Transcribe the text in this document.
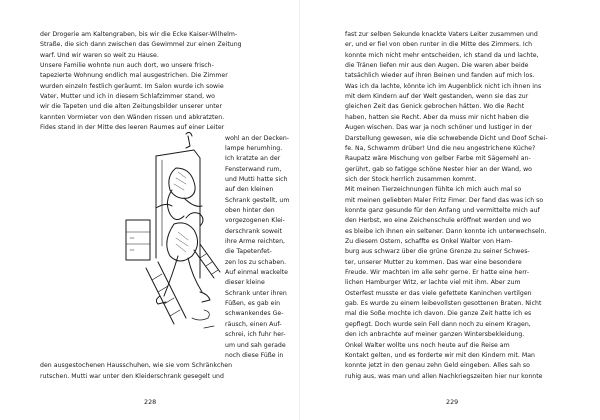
der Drogerie am Kaltengraben, bis wir die Ecke Kaiser-Wilhelm-
Straße, die sich dann zwischen das Gewimmel zur einen Zeitung
warf. Und wir waren so weit zu Hause.
Unsere Familie wohnte nun auch dort, wo unsere frisch-
tapezierte Wohnung endlich mal ausgestrichen. Die Zimmer
wurden einzeln festlich geräumt. Im Salon wurde ich sowie
Vater, Mutter und ich in diesem Schlafzimmer stand, wo
wir die Tapeten und die alten Zeitungsbilder unserer unter
kannten Vormieter von den Wänden rissen und abkratzten.
Fides stand in der Mitte des leeren Raumes auf einer Leiter
wohl an der Decken-
lampe herumhing.
Ich kratzte an der
Fensterwand rum,
und Mutti hatte sich
auf den kleinen
Schrank gestellt, um
oben hinter den
vorgezogenen Klei-
derschrank soweit
ihre Arme reichten,
die Tapetenfet-
zen los zu schaben.
Auf einmal wackelte
dieser kleine
Schrank unter ihren
Füßen, es gab ein
schwankendes Ge-
räusch, einen Auf-
schrei, ich fuhr her-
um und sah gerade
noch diese Füße in
den ausgestochenen Hausschuhen, wie sie vom Schränkchen
rutschen. Mutti war unter den Kleiderschrank gesegelt und
228
fast zur selben Sekunde knackte Vaters Leiter zusammen und
er, und er fiel von oben runter in die Mitte des Zimmers. Ich
konnte mich nicht mehr entscheiden, ich stand da und lachte,
die Tränen liefen mir aus den Augen. Die waren aber beide
tatsächlich wieder auf ihren Beinen und fanden auf mich los.
Was ich da lachte, könnte ich im Augenblick nicht ich ihnen ins
mit dem Kindern auf der Welt gestanden, wenn sie das zur
gleichen Zeit das Genick gebrochen hätten. Wo die Recht
haben, hatten sie Recht. Aber da muss mir nicht haben die
Augen wischen. Das war ja noch schöner und lustiger in der
Darstellung gewesen, wie die schwebende Dicht und Doof Schei-
fe. Na, Schwamm drüber! Und die neu angestrichene Küche?
Raupatz wäre Mischung von gelber Farbe mit Sägemehl an-
gerührt, gab so fatigge schöne Nester hier an der Wand, wo
sich der Stock herrlich zusammen kommt.
Mit meinen Tierzeichnungen fühlte ich mich auch mal so
mit meinen geliebten Maler Fritz Fimer. Der fand das was ich so
konnte ganz gesunde für den Anfang und vermittelte mich auf
den Herbst, wo eine Zeichenschule eröffnet werden und wo
es bleibe ich ihnen ein seltener. Dann konnte ich unterwechseln.
Zu diesem Ostern, schaffte es Onkel Walter von Ham-
burg aus schwarz über die grüne Grenze zu seiner Schwes-
ter, unserer Mutter zu kommen. Das war eine besondere
Freude. Wir machten im alle sehr gerne. Er hatte eine herr-
lichen Hamburger Witz, er lachte viel mit ihm. Aber zum
Osterfest musste er das viele gefettete Kaninchen vertilgen
gab. Es wurde zu einem leibevollsten gesottenen Braten. Nicht
mal die Soße mochte ich davon. Die ganze Zeit hatte ich es
gepflegt. Doch wurde sein Fell dann noch zu einem Kragen,
den ich anbrachte auf meiner ganzen Wintersbekleidung.
Onkel Walter wollte uns noch heute auf die Reise am
Kontakt gelten, und es forderte wir mit den Kindern mit. Man
konnte jetzt in den genau zehn Geld eingeben. Alles sah so
ruhig aus, was man und allen Nachkriegszeiten hier nur konnte
229
